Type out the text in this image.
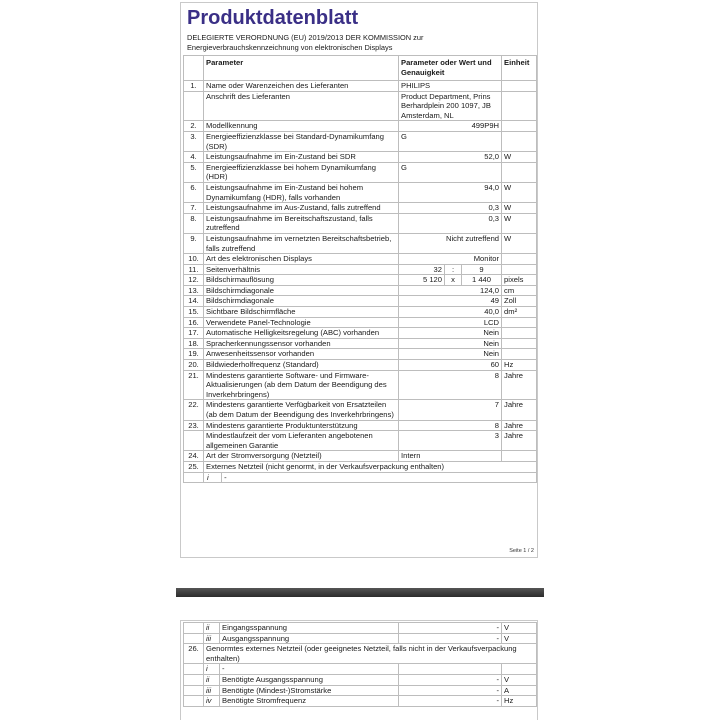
Produktdatenblatt
DELEGIERTE VERORDNUNG (EU) 2019/2013 DER KOMMISSION zur Energieverbrauchskennzeichnung von elektronischen Displays
	Parameter	Parameter oder Wert und Genauigkeit			Einheit
1.	Name oder Warenzeichen des Lieferanten	PHILIPS			
	Anschrift des Lieferanten	Product Department, Prins Berhardplein 200 1097, JB Amsterdam, NL			
2.	Modellkennung	499P9H			
3.	Energieeffizienzklasse bei Standard-Dynamikumfang (SDR)	G			
4.	Leistungsaufnahme im Ein-Zustand bei SDR	52,0			W
5.	Energieeffizienzklasse bei hohem Dynamikumfang (HDR)	G			
6.	Leistungsaufnahme im Ein-Zustand bei hohem Dynamikumfang (HDR), falls vorhanden	94,0			W
7.	Leistungsaufnahme im Aus-Zustand, falls zutreffend	0,3			W
8.	Leistungsaufnahme im Bereitschaftszustand, falls zutreffend	0,3			W
9.	Leistungsaufnahme im vernetzten Bereitschaftsbetrieb, falls zutreffend	Nicht zutreffend			W
10.	Art des elektronischen Displays	Monitor			
11.	Seitenverhältnis	32	:	9	
12.	Bildschirmauflösung	5 120	x	1 440	pixels
13.	Bildschirmdiagonale	124,0			cm
14.	Bildschirmdiagonale	49			Zoll
15.	Sichtbare Bildschirmfläche	40,0			dm²
16.	Verwendete Panel-Technologie	LCD			
17.	Automatische Helligkeitsregelung (ABC) vorhanden	Nein			
18.	Spracherkennungssensor vorhanden	Nein			
19.	Anwesenheitssensor vorhanden	Nein			
20.	Bildwiederholfrequenz (Standard)	60			Hz
21.	Mindestens garantierte Software- und Firmware-Aktualisierungen (ab dem Datum der Beendigung des Inverkehrbringens)	8			Jahre
22.	Mindestens garantierte Verfügbarkeit von Ersatzteilen (ab dem Datum der Beendigung des Inverkehrbringens)	7			Jahre
23.	Mindestens garantierte Produktunterstützung	8			Jahre
	Mindestlaufzeit der vom Lieferanten angebotenen allgemeinen Garantie	3			Jahre
24.	Art der Stromversorgung (Netzteil)	Intern			
25.	Externes Netzteil (nicht genormt, in der Verkaufsverpackung enthalten)				
	i -				
Seite 1 / 2
	ii	Eingangsspannung	-	V
	iii	Ausgangsspannung	-	V
26.	Genormtes externes Netzteil (oder geeignetes Netzteil, falls nicht in der Verkaufsverpackung enthalten)			
	i	-		
	ii	Benötigte Ausgangsspannung	-	V
	iii	Benötigte (Mindest-)Stromstärke	-	A
	iv	Benötigte Stromfrequenz	-	Hz
